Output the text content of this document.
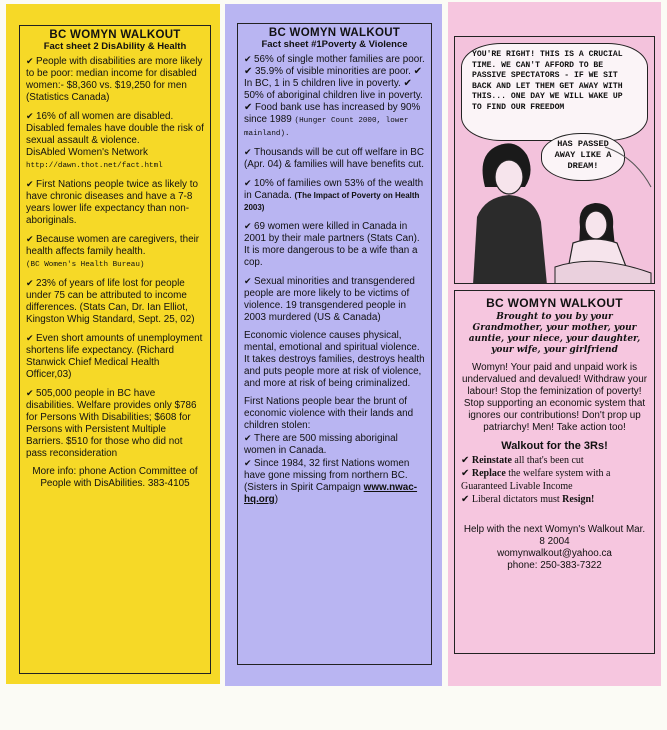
BC WOMYN WALKOUT
Fact sheet 2 DisAbility & Health

✔ People with disabilities are more likely to be poor: median income for disabled women:- $8,360 vs. $19,250 for men (Statistics Canada)

✔ 16% of all women are disabled. Disabled females have double the risk of sexual assault & violence.
DisAbled Women's Network
http://dawn.thot.net/fact.html

✔ First Nations people twice as likely to have chronic diseases and have a 7-8 years lower life expectancy than non-aboriginals.

✔ Because women are caregivers, their health affects family health.
(BC Women's Health Bureau)

✔ 23% of years of life lost for people under 75 can be attributed to income differences. (Stats Can, Dr. Ian Elliot, Kingston Whig Standard, Sept. 25, 02)

✔ Even short amounts of unemployment shortens life expectancy. (Richard Stanwick Chief Medical Health Officer,03)

✔ 505,000 people in BC have disabilities. Welfare provides only $786 for Persons With Disabilities; $608 for Persons with Persistent Multiple Barriers. $510 for those who did not pass reconsideration

More info: phone Action Committee of People with DisAbilities. 383-4105
BC WOMYN WALKOUT
Fact sheet #1Poverty & Violence

✔ 56% of single mother families are poor. ✔ 35.9% of visible minorities are poor. ✔ In BC, 1 in 5 children live in poverty. ✔ 50% of aboriginal children live in poverty. ✔ Food bank use has increased by 90% since 1989 (Hunger Count 2000, lower mainland).

✔ Thousands will be cut off welfare in BC (Apr. 04) & families will have benefits cut.

✔ 10% of families own 53% of the wealth in Canada. (The Impact of Poverty on Health 2003)

✔ 69 women were killed in Canada in 2001 by their male partners (Stats Can). It is more dangerous to be a wife than a cop.

✔ Sexual minorities and transgendered people are more likely to be victims of violence. 19 transgendered people in 2003 murdered (US & Canada)

Economic violence causes physical, mental, emotional and spiritual violence. It takes destroys families, destroys health and puts people more at risk of violence, and more at risk of being criminalized.

First Nations people bear the brunt of economic violence with their lands and children stolen:
✔ There are 500 missing aboriginal women in Canada.
✔ Since 1984, 32 first Nations women have gone missing from northern BC. (Sisters in Spirit Campaign www.nwac-hq.org)

YOU'RE RIGHT! THIS IS A CRUCIAL TIME. WE CAN'T AFFORD TO BE PASSIVE SPECTATORS - IF WE SIT BACK AND LET THEM GET AWAY WITH THIS... ONE DAY WE WILL WAKE UP TO FIND OUR FREEDOM
HAS PASSED AWAY LIKE A DREAM!
BC WOMYN WALKOUT
Brought to you by your Grandmother, your mother, your auntie, your niece, your daughter, your wife, your girlfriend
Womyn! Your paid and unpaid work is undervalued and devalued! Withdraw your labour! Stop the feminization of poverty! Stop supporting an economic system that ignores our contributions! Don't prop up patriarchy! Men! Take action too!
Walkout for the 3Rs!
✔ Reinstate all that's been cut
✔ Replace the welfare system with a Guaranteed Livable Income
✔ Liberal dictators must Resign!
Help with the next Womyn's Walkout Mar. 8 2004
womynwalkout@yahoo.ca
phone: 250-383-7322
